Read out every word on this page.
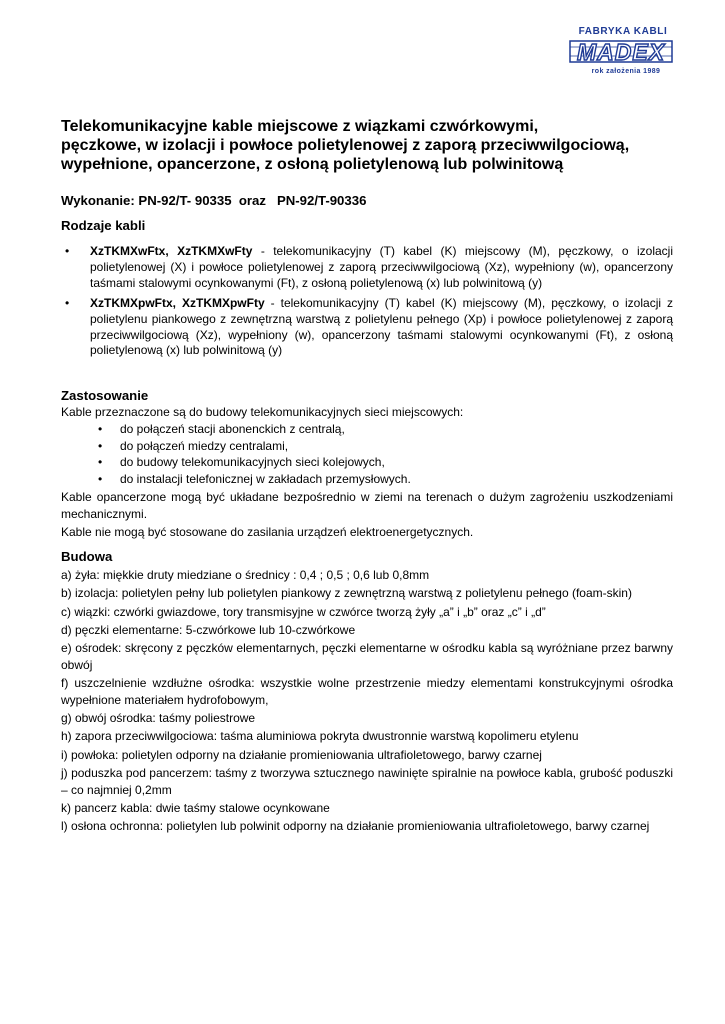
FABRYKA KABLI
MADEX
rok założenia 1989
Telekomunikacyjne kable miejscowe z wiązkami czwórkowymi,
pęczkowe, w izolacji i powłoce polietylenowej z zaporą przeciwwilgociową,
wypełnione, opancerzone, z osłoną polietylenową lub polwinitową

Wykonanie: PN-92/T- 90335  oraz   PN-92/T-90336

Rodzaje kabli

• XzTKMXwFtx, XzTKMXwFty - telekomunikacyjny (T) kabel (K) miejscowy (M), pęczkowy, o izolacji polietylenowej (X) i powłoce polietylenowej z zaporą przeciwwilgociową (Xz), wypełniony (w), opancerzony taśmami stalowymi ocynkowanymi (Ft), z osłoną polietylenową (x) lub polwinitową (y)
• XzTKMXpwFtx, XzTKMXpwFty - telekomunikacyjny (T) kabel (K) miejscowy (M), pęczkowy, o izolacji z polietylenu piankowego z zewnętrzną warstwą z polietylenu pełnego (Xp) i powłoce polietylenowej z zaporą przeciwwilgociową (Xz), wypełniony (w), opancerzony taśmami stalowymi ocynkowanymi (Ft), z osłoną polietylenową (x) lub polwinitową (y)

Zastosowanie

Kable przeznaczone są do budowy telekomunikacyjnych sieci miejscowych:

• do połączeń stacji abonenckich z centralą,
• do połączeń miedzy centralami,
• do budowy telekomunikacyjnych sieci kolejowych,
• do instalacji telefonicznej w zakładach przemysłowych.

Kable opancerzone mogą być układane bezpośrednio w ziemi na terenach o dużym zagrożeniu uszkodzeniami mechanicznymi.

Kable nie mogą być stosowane do zasilania urządzeń elektroenergetycznych.

Budowa

a) żyła: miękkie druty miedziane o średnicy : 0,4 ; 0,5 ; 0,6 lub 0,8mm
b) izolacja: polietylen pełny lub polietylen piankowy z zewnętrzną warstwą z polietylenu pełnego (foam-skin)
c) wiązki: czwórki gwiazdowe, tory transmisyjne w czwórce tworzą żyły „a” i „b” oraz „c” i „d”
d) pęczki elementarne: 5-czwórkowe lub 10-czwórkowe
e) ośrodek: skręcony z pęczków elementarnych, pęczki elementarne w ośrodku kabla są wyróżniane przez barwny obwój
f) uszczelnienie wzdłużne ośrodka: wszystkie wolne przestrzenie miedzy elementami konstrukcyjnymi ośrodka wypełnione materiałem hydrofobowym,
g) obwój ośrodka: taśmy poliestrowe
h) zapora przeciwwilgociowa: taśma aluminiowa pokryta dwustronnie warstwą kopolimeru etylenu
i) powłoka: polietylen odporny na działanie promieniowania ultrafioletowego, barwy czarnej
j) poduszka pod pancerzem: taśmy z tworzywa sztucznego nawinięte spiralnie na powłoce kabla, grubość poduszki – co najmniej 0,2mm
k) pancerz kabla: dwie taśmy stalowe ocynkowane
l) osłona ochronna: polietylen lub polwinit odporny na działanie promieniowania ultrafioletowego, barwy czarnej
